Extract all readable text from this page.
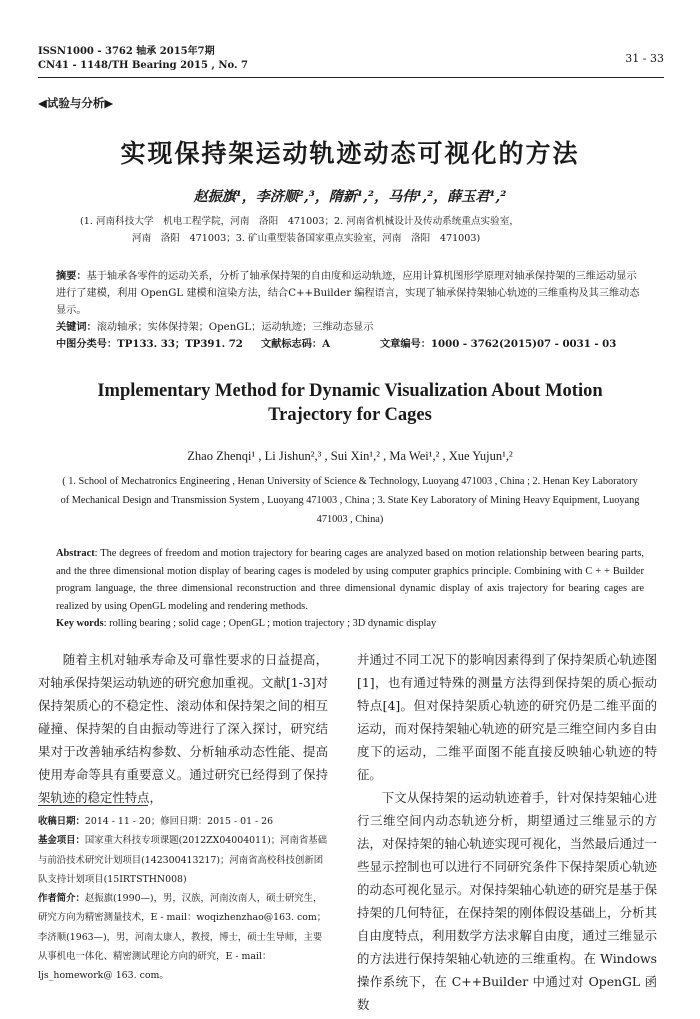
ISSN1000 - 3762 轴承 2015年7期
CN41 - 1148/TH Bearing 2015 , No. 7
31 - 33
◀试验与分析▶
实现保持架运动轨迹动态可视化的方法
赵振旗¹，李济顺²,³，隋新¹,²，马伟¹,²，薛玉君¹,²
(1. 河南科技大学　机电工程学院，河南　洛阳　471003；2. 河南省机械设计及传动系统重点实验室，
河南　洛阳　471003；3. 矿山重型装备国家重点实验室，河南　洛阳　471003)

摘要：基于轴承各零件的运动关系，分析了轴承保持架的自由度和运动轨迹，应用计算机图形学原理对轴承保持架的三维运动显示进行了建模，利用 OpenGL 建模和渲染方法，结合C++Builder 编程语言，实现了轴承保持架轴心轨迹的三维重构及其三维动态显示。

关键词：滚动轴承；实体保持架；OpenGL；运动轨迹；三维动态显示

中图分类号：TP133. 33；TP391. 72 文献标志码：A	文章编号：1000 - 3762(2015)07 - 0031 - 03
Implementary Method for Dynamic Visualization About Motion
Trajectory for Cages
Zhao Zhenqi¹ , Li Jishun²,³ , Sui Xin¹,² , Ma Wei¹,² , Xue Yujun¹,²
( 1. School of Mechatronics Engineering , Henan University of Science & Technology, Luoyang 471003 , China ; 2. Henan Key Laboratory of Mechanical Design and Transmission System , Luoyang 471003 , China ; 3. State Key Laboratory of Mining Heavy Equipment, Luoyang 471003 , China)

Abstract: The degrees of freedom and motion trajectory for bearing cages are analyzed based on motion relationship between bearing parts, and the three dimensional motion display of bearing cages is modeled by using computer graphics principle. Combining with C + + Builder program language, the three dimensional reconstruction and three dimensional dynamic display of axis trajectory for bearing cages are realized by using OpenGL modeling and rendering methods.

Key words: rolling bearing ; solid cage ; OpenGL ; motion trajectory ; 3D dynamic display

随着主机对轴承寿命及可靠性要求的日益提高，对轴承保持架运动轨迹的研究愈加重视。文献[1-3]对保持架质心的不稳定性、滚动体和保持架之间的相互碰撞、保持架的自由振动等进行了深入探讨，研究结果对于改善轴承结构参数、分析轴承动态性能、提高使用寿命等具有重要意义。通过研究已经得到了保持架轨迹的稳定性特点，

并通过不同工况下的影响因素得到了保持架质心轨迹图[1]，也有通过特殊的测量方法得到保持架的质心振动特点[4]。但对保持架质心轨迹的研究仍是二维平面的运动，而对保持架轴心轨迹的研究是三维空间内多自由度下的运动，二维平面图不能直接反映轴心轨迹的特征。

下文从保持架的运动轨迹着手，针对保持架轴心进行三维空间内动态轨迹分析，期望通过三维显示的方法，对保持架的轴心轨迹实现可视化，当然最后通过一些显示控制也可以进行不同研究条件下保持架质心轨迹的动态可视化显示。对保持架轴心轨迹的研究是基于保持架的几何特征，在保持架的刚体假设基础上，分析其自由度特点，利用数学方法求解自由度，通过三维显示的方法进行保持架轴心轨迹的三维重构。在 Windows 操作系统下，在 C++Builder 中通过对 OpenGL 函数

收稿日期：2014 - 11 - 20；修回日期：2015 - 01 - 26

基金项目：国家重大科技专项课题(2012ZX04004011)；河南省基础与前沿技术研究计划项目(142300413217)；河南省高校科技创新团队支持计划项目(15IRTSTHN008)

作者简介：赵振旗(1990—)，男，汉族，河南汝南人，硕士研究生，研究方向为精密测量技术，E - mail：woqizhenzhao@163. com；李济顺(1963—)，男，河南太康人，教授，博士，硕士生导师，主要从事机电一体化、精密测试理论方向的研究，E - mail：ljs_homework@ 163. com。
